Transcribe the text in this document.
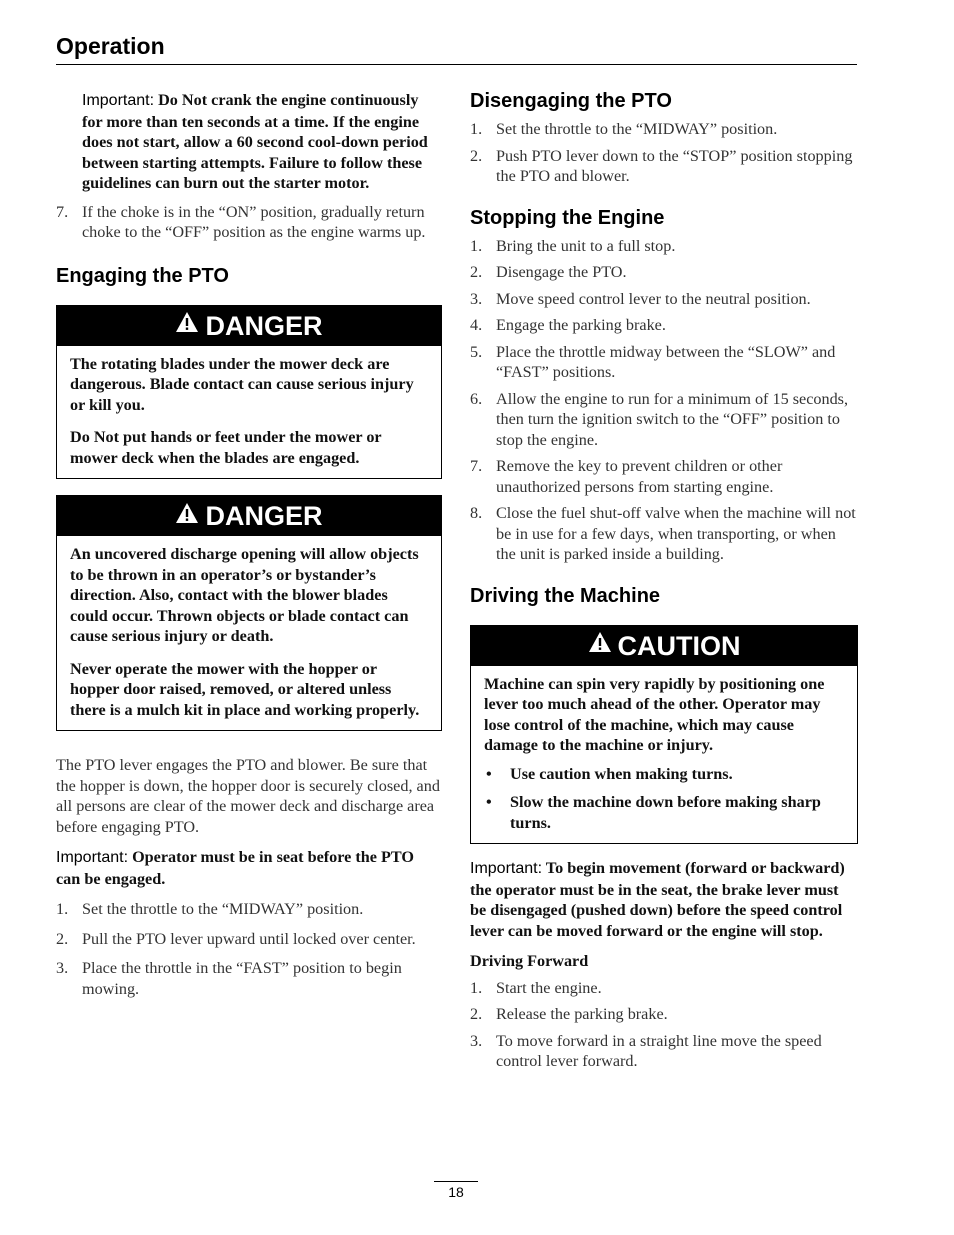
Operation

Important: Do Not crank the engine continuously for more than ten seconds at a time. If the engine does not start, allow a 60 second cool-down period between starting attempts. Failure to follow these guidelines can burn out the starter motor.

7. If the choke is in the “ON” position, gradually return choke to the “OFF” position as the engine warms up.
Engaging the PTO
DANGER

The rotating blades under the mower deck are dangerous. Blade contact can cause serious injury or kill you.

Do Not put hands or feet under the mower or mower deck when the blades are engaged.

DANGER

An uncovered discharge opening will allow objects to be thrown in an operator’s or bystander’s direction. Also, contact with the blower blades could occur. Thrown objects or blade contact can cause serious injury or death.

Never operate the mower with the hopper or hopper door raised, removed, or altered unless there is a mulch kit in place and working properly.

The PTO lever engages the PTO and blower. Be sure that the hopper is down, the hopper door is securely closed, and all persons are clear of the mower deck and discharge area before engaging PTO.

Important: Operator must be in seat before the PTO can be engaged.

1. Set the throttle to the “MIDWAY” position.
2. Pull the PTO lever upward until locked over center.
3. Place the throttle in the “FAST” position to begin mowing.
Disengaging the PTO
1. Set the throttle to the “MIDWAY” position.
2. Push PTO lever down to the “STOP” position stopping the PTO and blower.
Stopping the Engine
1. Bring the unit to a full stop.
2. Disengage the PTO.
3. Move speed control lever to the neutral position.
4. Engage the parking brake.
5. Place the throttle midway between the “SLOW” and “FAST” positions.
6. Allow the engine to run for a minimum of 15 seconds, then turn the ignition switch to the “OFF” position to stop the engine.
7. Remove the key to prevent children or other unauthorized persons from starting engine.
8. Close the fuel shut-off valve when the machine will not be in use for a few days, when transporting, or when the unit is parked inside a building.
Driving the Machine
CAUTION

Machine can spin very rapidly by positioning one lever too much ahead of the other. Operator may lose control of the machine, which may cause damage to the machine or injury.

• Use caution when making turns.
• Slow the machine down before making sharp turns.

Important: To begin movement (forward or backward) the operator must be in the seat, the brake lever must be disengaged (pushed down) before the speed control lever can be moved forward or the engine will stop.

Driving Forward
1. Start the engine.
2. Release the parking brake.
3. To move forward in a straight line move the speed control lever forward.
18
